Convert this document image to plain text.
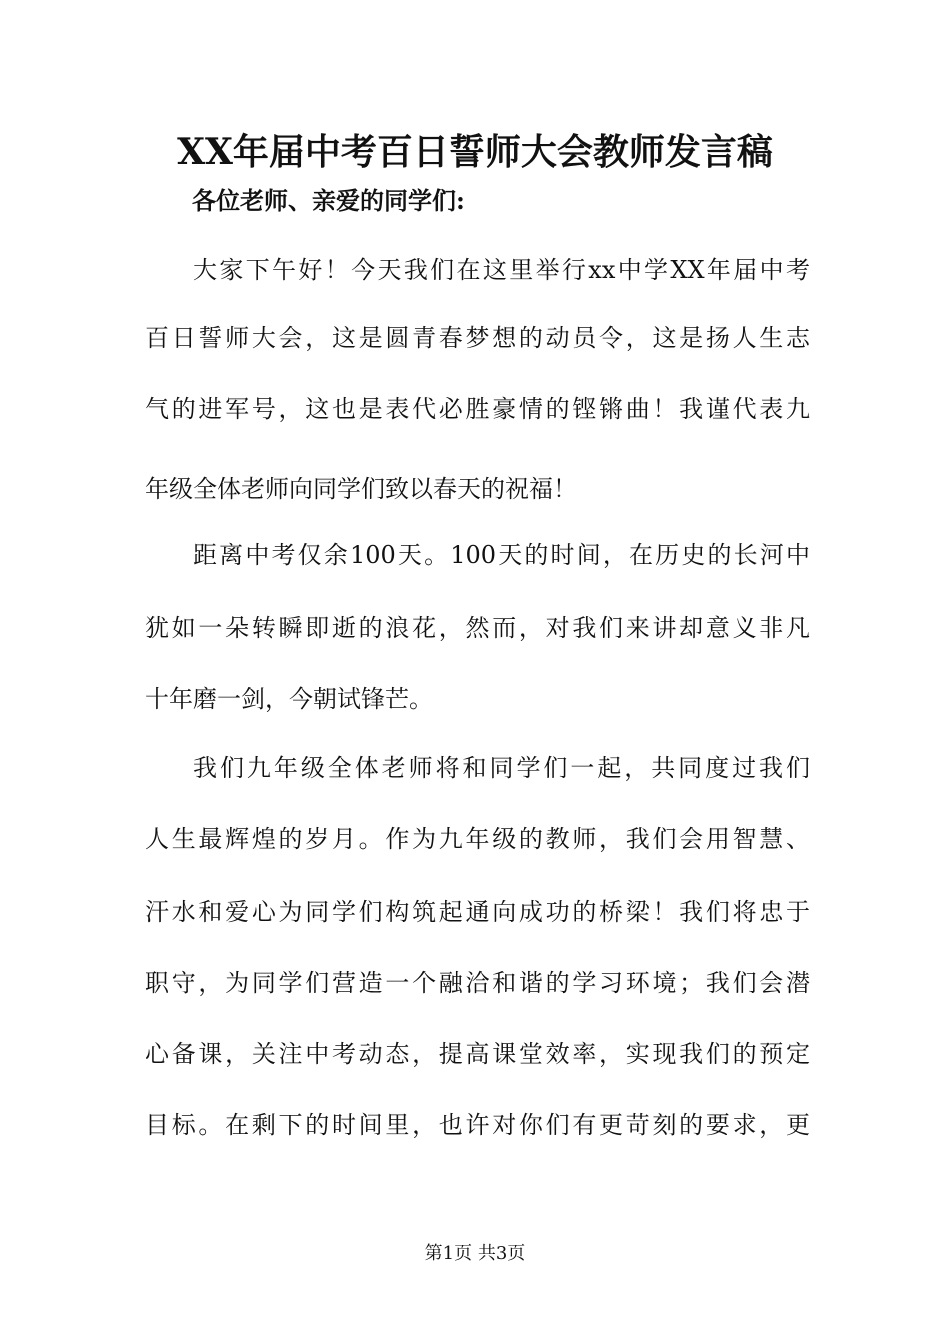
XX年届中考百日誓师大会教师发言稿
各位老师、亲爱的同学们:
大家下午好！今天我们在这里举行xx中学XX年届中考
百日誓师大会，这是圆青春梦想的动员令，这是扬人生志
气的进军号，这也是表代必胜豪情的铿锵曲！我谨代表九
年级全体老师向同学们致以春天的祝福！
距离中考仅余100天。100天的时间，在历史的长河中
犹如一朵转瞬即逝的浪花，然而，对我们来讲却意义非凡
十年磨一剑，今朝试锋芒。
我们九年级全体老师将和同学们一起，共同度过我们
人生最辉煌的岁月。作为九年级的教师，我们会用智慧、
汗水和爱心为同学们构筑起通向成功的桥梁！我们将忠于
职守，为同学们营造一个融洽和谐的学习环境；我们会潜
心备课，关注中考动态，提高课堂效率，实现我们的预定
目标。在剩下的时间里，也许对你们有更苛刻的要求，更
第1页 共3页
